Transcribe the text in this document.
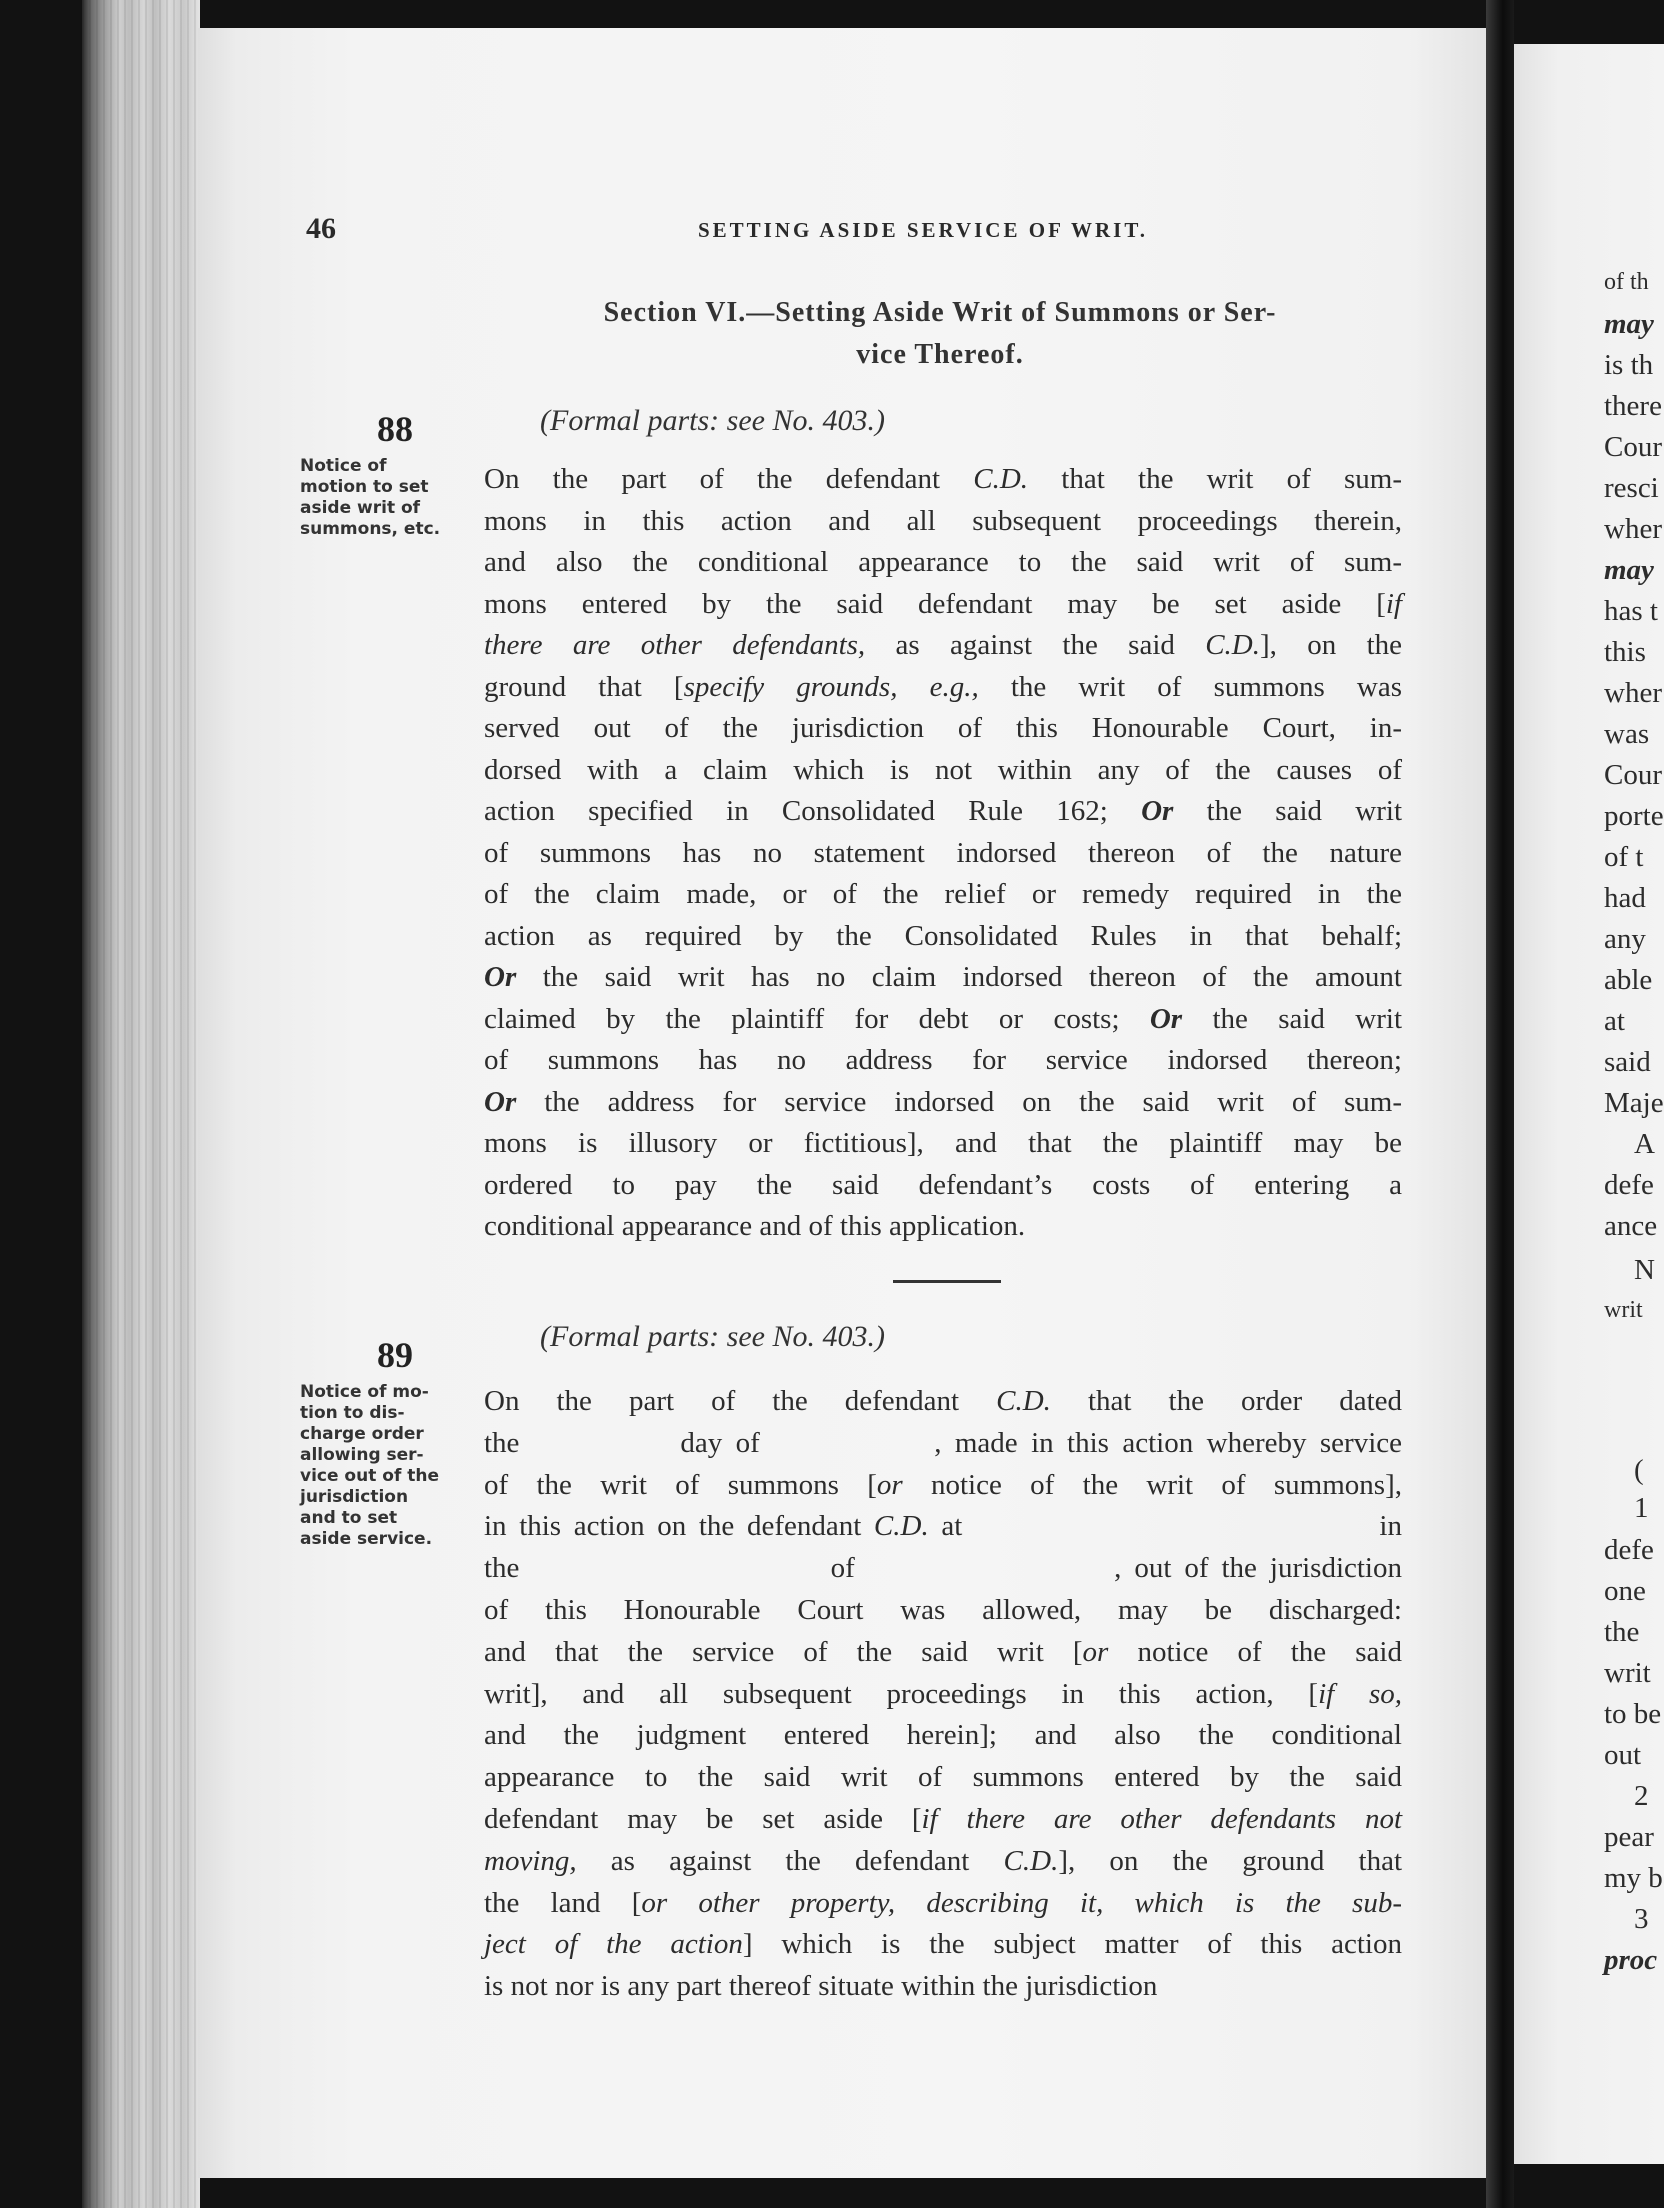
of th
may
is th
there
Cour
resci
wher
may
has t
this
wher
was
Cour
porte
of t
had
any
able
at
said
Maje
A
defe
ance
N
writ
(
1
defe
one
the
writ
to be
out
2
pear
my b
3
proc
46	SETTING ASIDE SERVICE OF WRIT.
Section VI.—Setting Aside Writ of Summons or Ser-
vice Thereof.
88
Notice of
motion to set
aside writ of
summons, etc.
(Formal parts: see No. 403.)
On the part of the defendant C.D. that the writ of sum-
mons in this action and all subsequent proceedings therein,
and also the conditional appearance to the said writ of sum-
mons entered by the said defendant may be set aside [if
there are other defendants, as against the said C.D.], on the
ground that [specify grounds, e.g., the writ of summons was
served out of the jurisdiction of this Honourable Court, in-
dorsed with a claim which is not within any of the causes of
action specified in Consolidated Rule 162; Or the said writ
of summons has no statement indorsed thereon of the nature
of the claim made, or of the relief or remedy required in the
action as required by the Consolidated Rules in that behalf;
Or the said writ has no claim indorsed thereon of the amount
claimed by the plaintiff for debt or costs; Or the said writ
of summons has no address for service indorsed thereon;
Or the address for service indorsed on the said writ of sum-
mons is illusory or fictitious], and that the plaintiff may be
ordered to pay the said defendant’s costs of entering a
conditional appearance and of this application.
89
Notice of mo-
tion to dis-
charge order
allowing ser-
vice out of the
jurisdiction
and to set
aside service.
(Formal parts: see No. 403.)
On the part of the defendant C.D. that the order dated
the            day of             , made in this action whereby service
of the writ of summons [or notice of the writ of summons],
in this action on the defendant C.D. at                                 in
the                        of                    , out of the jurisdiction
of this Honourable Court was allowed, may be discharged:
and that the service of the said writ [or notice of the said
writ], and all subsequent proceedings in this action, [if so,
and the judgment entered herein]; and also the conditional
appearance to the said writ of summons entered by the said
defendant may be set aside [if there are other defendants not
moving, as against the defendant C.D.], on the ground that
the land [or other property, describing it, which is the sub-
ject of the action] which is the subject matter of this action
is not nor is any part thereof situate within the jurisdiction
